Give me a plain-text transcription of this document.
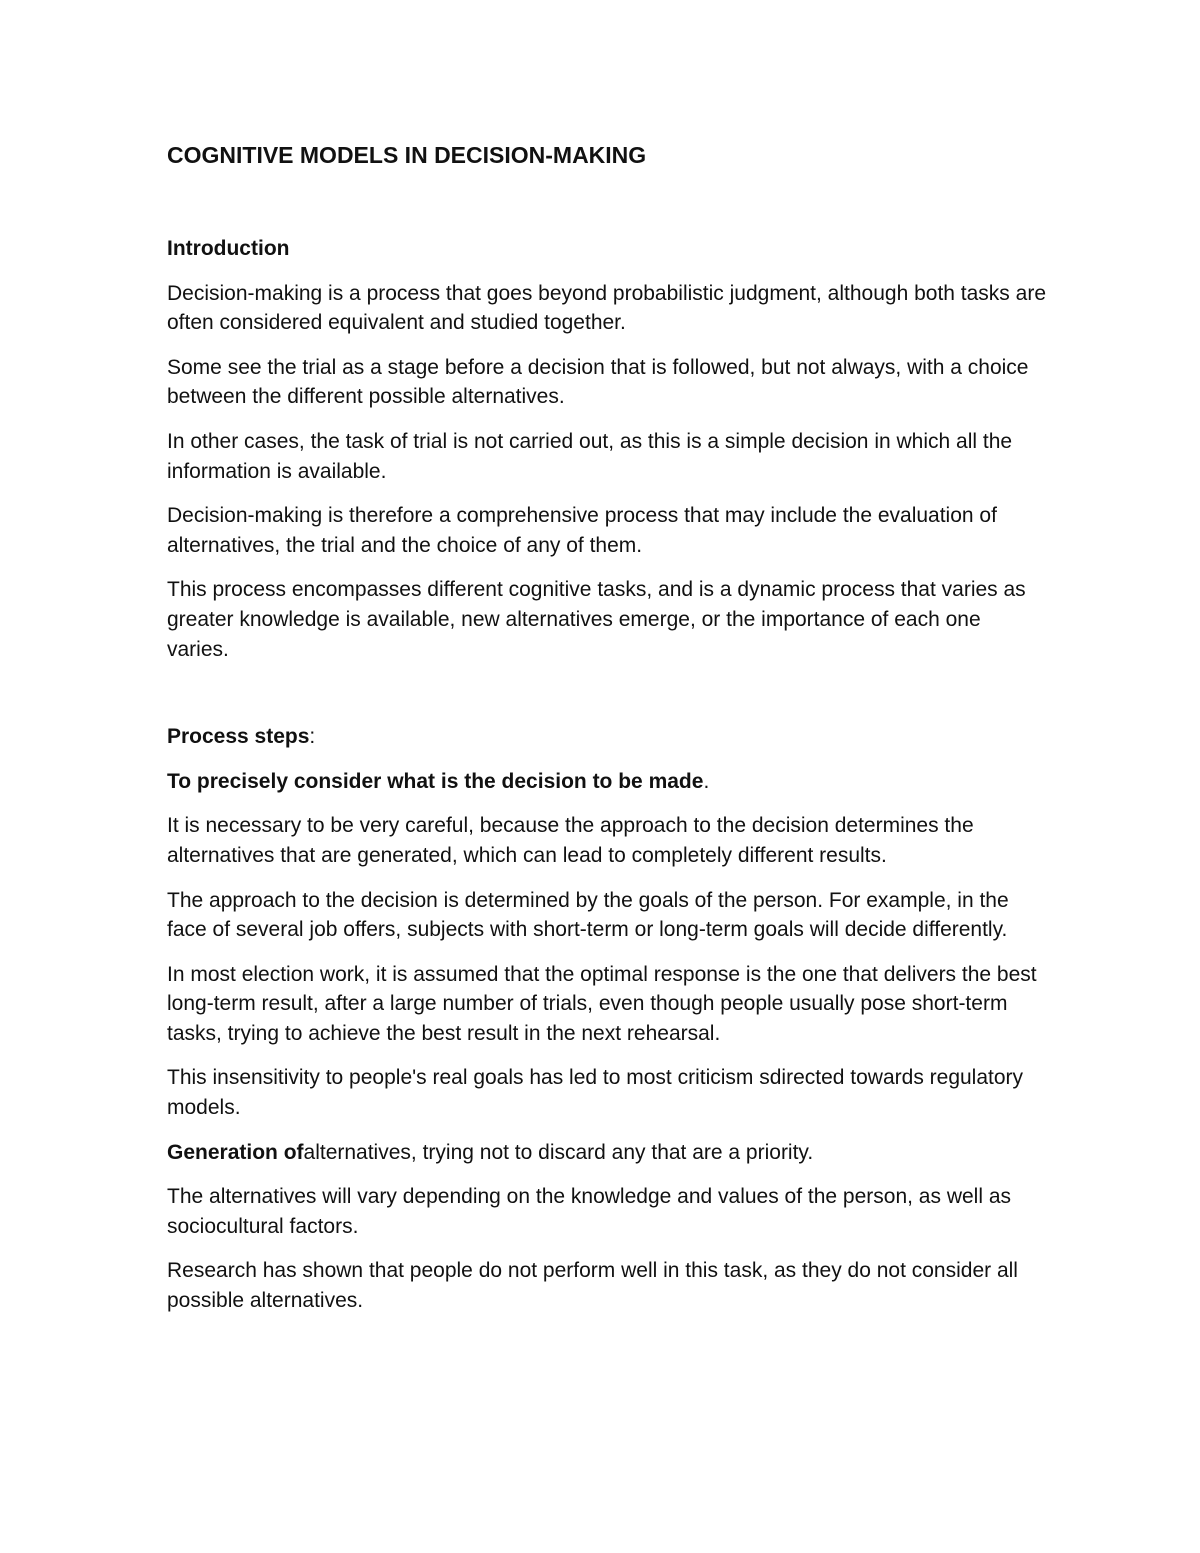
COGNITIVE MODELS IN DECISION-MAKING
Introduction

Decision-making is a process that goes beyond probabilistic judgment, although both tasks are often considered equivalent and studied together.

Some see the trial as a stage before a decision that is followed, but not always, with a choice between the different possible alternatives.

In other cases, the task of trial is not carried out, as this is a simple decision in which all the information is available.

Decision-making is therefore a comprehensive process that may include the evaluation of alternatives, the trial and the choice of any of them.

This process encompasses different cognitive tasks, and is a dynamic process that varies as greater knowledge is available, new alternatives emerge, or the importance of each one varies.

Process steps:

To precisely consider what is the decision to be made.

It is necessary to be very careful, because the approach to the decision determines the alternatives that are generated, which can lead to completely different results.

The approach to the decision is determined by the goals of the person. For example, in the face of several job offers, subjects with short-term or long-term goals will decide differently.

In most election work, it is assumed that the optimal response is the one that delivers the best long-term result, after a large number of trials, even though people usually pose short-term tasks, trying to achieve the best result in the next rehearsal.

This insensitivity to people's real goals has led to most criticism sdirected towards regulatory models.

Generation ofalternatives, trying not to discard any that are a priority.

The alternatives will vary depending on the knowledge and values of the person, as well as sociocultural factors.

Research has shown that people do not perform well in this task, as they do not consider all possible alternatives.
